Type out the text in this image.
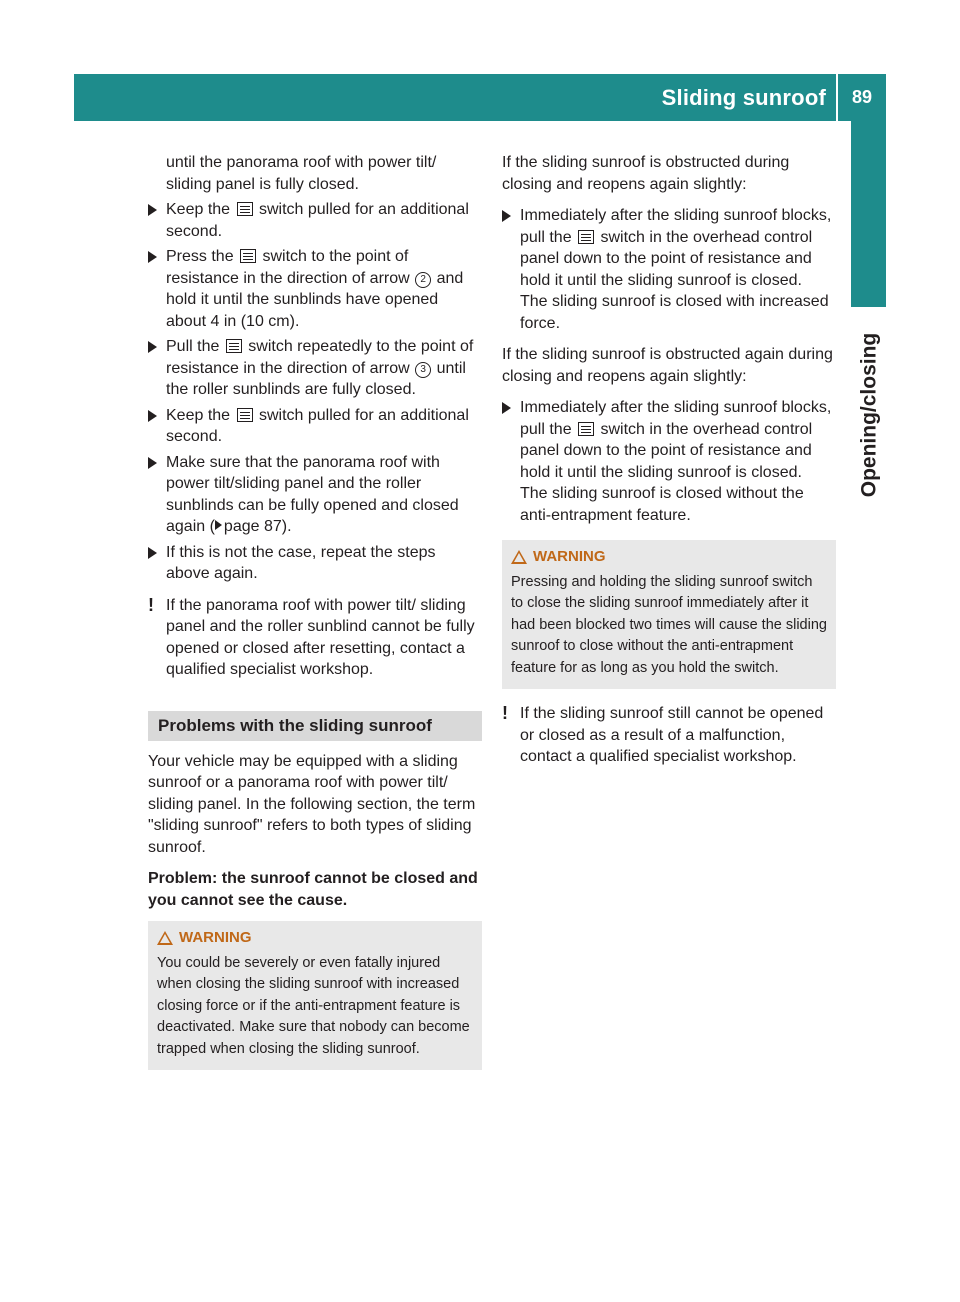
Sliding sunroof	89
Opening/closing

until the panorama roof with power tilt/ sliding panel is fully closed.

Keep the switch pulled for an additional second.
Press the switch to the point of resistance in the direction of arrow 2 and hold it until the sunblinds have opened about 4 in (10 cm).
Pull the switch repeatedly to the point of resistance in the direction of arrow 3 until the roller sunblinds are fully closed.
Keep the switch pulled for an additional second.
Make sure that the panorama roof with power tilt/sliding panel and the roller sunblinds can be fully opened and closed again ( page 87).
If this is not the case, repeat the steps above again.
! If the panorama roof with power tilt/ sliding panel and the roller sunblind cannot be fully opened or closed after resetting, contact a qualified specialist workshop.
Problems with the sliding sunroof

Your vehicle may be equipped with a sliding sunroof or a panorama roof with power tilt/ sliding panel. In the following section, the term "sliding sunroof" refers to both types of sliding sunroof.

Problem: the sunroof cannot be closed and you cannot see the cause.

WARNING
You could be severely or even fatally injured when closing the sliding sunroof with increased closing force or if the anti-entrapment feature is deactivated. Make sure that nobody can become trapped when closing the sliding sunroof.

If the sliding sunroof is obstructed during closing and reopens again slightly:

Immediately after the sliding sunroof blocks, pull the switch in the overhead control panel down to the point of resistance and hold it until the sliding sunroof is closed.
The sliding sunroof is closed with increased force.

If the sliding sunroof is obstructed again during closing and reopens again slightly:

Immediately after the sliding sunroof blocks, pull the switch in the overhead control panel down to the point of resistance and hold it until the sliding sunroof is closed.
The sliding sunroof is closed without the anti-entrapment feature.
WARNING
Pressing and holding the sliding sunroof switch to close the sliding sunroof immediately after it had been blocked two times will cause the sliding sunroof to close without the anti-entrapment feature for as long as you hold the switch.
! If the sliding sunroof still cannot be opened or closed as a result of a malfunction, contact a qualified specialist workshop.
